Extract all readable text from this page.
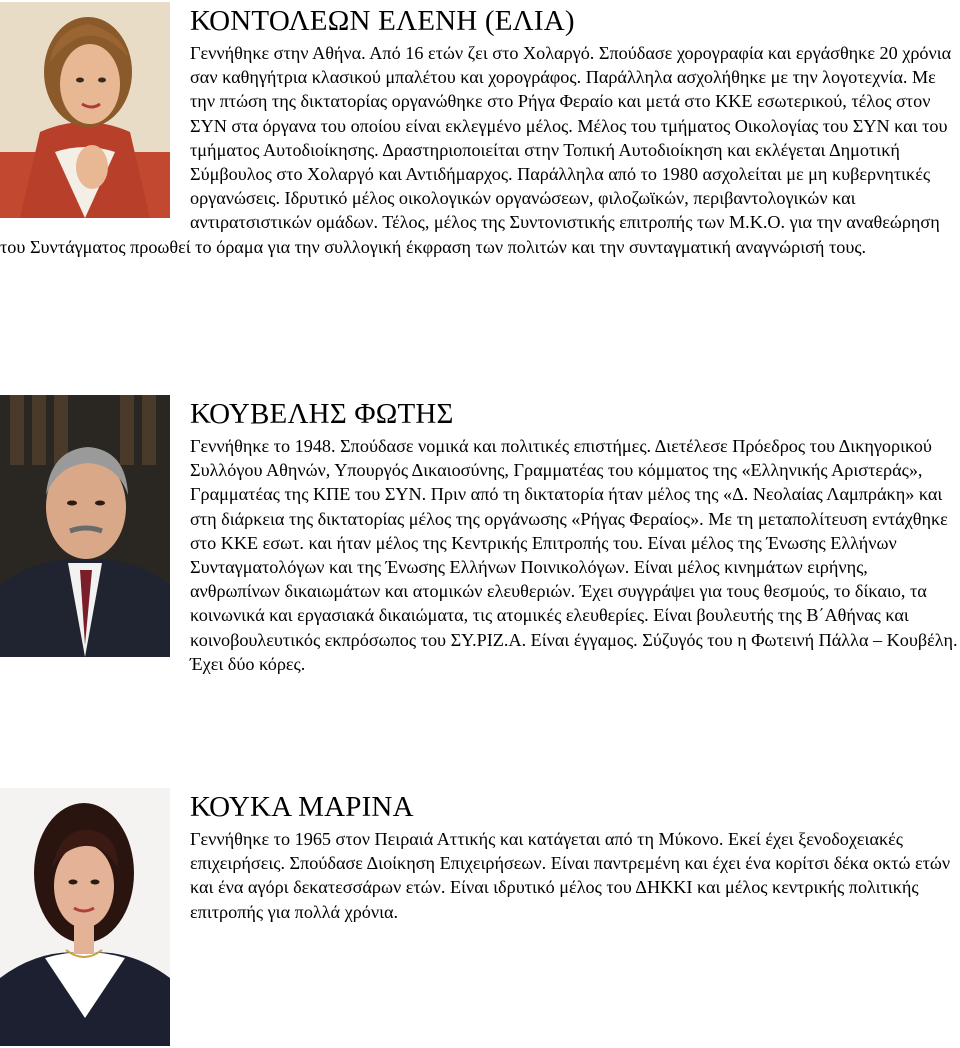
ΚΟΝΤΟΛΕΩΝ ΕΛΕΝΗ (ΕΛΙΑ)

Γεννήθηκε στην Αθήνα. Από 16 ετών ζει στο Χολαργό. Σπούδασε χορογραφία και εργάσθηκε 20 χρόνια σαν καθηγήτρια κλασικού μπαλέτου και χορογράφος. Παράλληλα ασχολήθηκε με την λογοτεχνία. Με την πτώση της δικτατορίας οργανώθηκε στο Ρήγα Φεραίο και μετά στο ΚΚΕ εσωτερικού, τέλος στον ΣΥΝ στα όργανα του οποίου είναι εκλεγμένο μέλος. Μέλος του τμήματος Οικολογίας του ΣΥΝ και του τμήματος Αυτοδιοίκησης. Δραστηριοποιείται στην Τοπική Αυτοδιοίκηση και εκλέγεται Δημοτική Σύμβουλος στο Χολαργό και Αντιδήμαρχος. Παράλληλα από το 1980 ασχολείται με μη κυβερνητικές οργανώσεις. Ιδρυτικό μέλος οικολογικών οργανώσεων, φιλοζωϊκών, περιβαντολογικών και αντιρατσιστικών ομάδων. Τέλος, μέλος της Συντονιστικής επιτροπής των Μ.Κ.Ο. για την αναθεώρηση του Συντάγματος προωθεί το όραμα για την συλλογική έκφραση των πολιτών και την συνταγματική αναγνώρισή τους.

ΚΟΥΒΕΛΗΣ ΦΩΤΗΣ

Γεννήθηκε το 1948. Σπούδασε νομικά και πολιτικές επιστήμες. Διετέλεσε Πρόεδρος του Δικηγορικού Συλλόγου Αθηνών, Υπουργός Δικαιοσύνης, Γραμματέας του κόμματος της «Ελληνικής Αριστεράς», Γραμματέας της ΚΠΕ του ΣΥΝ. Πριν από τη δικτατορία ήταν μέλος της «Δ. Νεολαίας Λαμπράκη» και στη διάρκεια της δικτατορίας μέλος της οργάνωσης «Ρήγας Φεραίος». Με τη μεταπολίτευση εντάχθηκε στο ΚΚΕ εσωτ. και ήταν μέλος της Κεντρικής Επιτροπής του. Είναι μέλος της Ένωσης Ελλήνων Συνταγματολόγων και της Ένωσης Ελλήνων Ποινικολόγων. Είναι μέλος κινημάτων ειρήνης, ανθρωπίνων δικαιωμάτων και ατομικών ελευθεριών. Έχει συγγράψει για τους θεσμούς, το δίκαιο, τα κοινωνικά και εργασιακά δικαιώματα, τις ατομικές ελευθερίες. Είναι βουλευτής της Β΄Αθήνας και κοινοβουλευτικός εκπρόσωπος του ΣΥ.ΡΙΖ.Α. Είναι έγγαμος. Σύζυγός του η Φωτεινή Πάλλα – Κουβέλη. Έχει δύο κόρες.

ΚΟΥΚΑ ΜΑΡΙΝΑ

Γεννήθηκε το 1965 στον Πειραιά Αττικής και κατάγεται από τη Μύκονο. Εκεί έχει ξενοδοχειακές επιχειρήσεις. Σπούδασε Διοίκηση Επιχειρήσεων. Είναι παντρεμένη και έχει ένα κορίτσι δέκα οκτώ ετών και ένα αγόρι δεκατεσσάρων ετών. Είναι ιδρυτικό μέλος του ΔΗΚΚΙ και μέλος κεντρικής πολιτικής επιτροπής για πολλά χρόνια.
